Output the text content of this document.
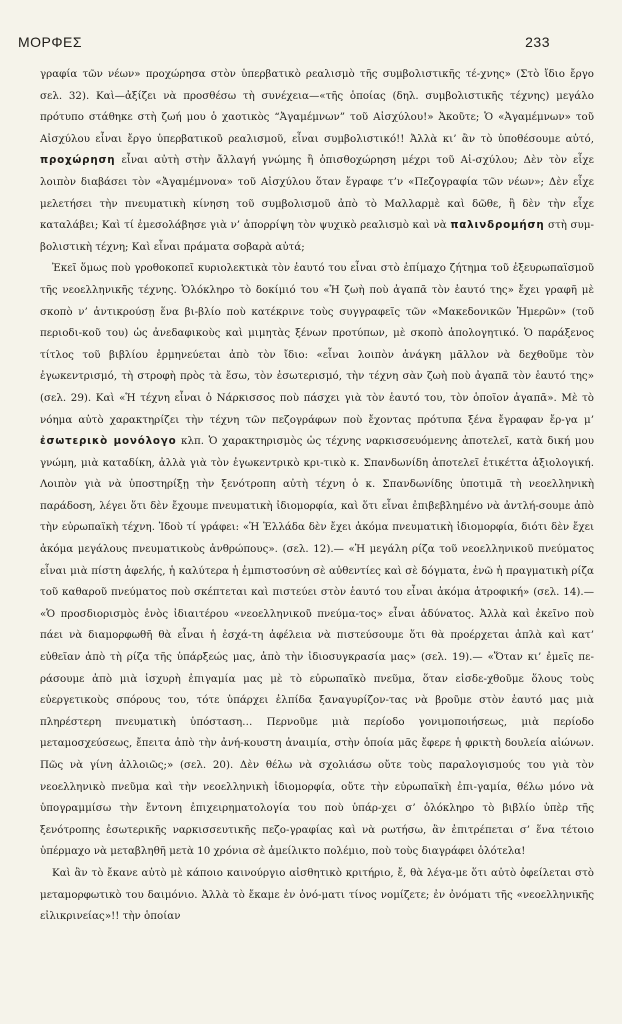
ΜΟΡΦΕΣ	233

γραφία τῶν νέων» προχώρησα στὸν ὑπερβατικὸ ρεαλισμὸ τῆς συμβολιστικῆς τέ-χνης» (Στὸ ἴδιο ἔργο σελ. 32). Καὶ—ἀξίζει νὰ προσθέσω τὴ συνέχεια—«τῆς ὁποίας (δηλ. συμβολιστικῆς τέχνης) μεγάλο πρότυπο στάθηκε στὴ ζωή μου ὁ χαοτικὸς “Ἀγαμέμνων” τοῦ Αἰσχύλου!» Ἀκοῦτε; Ὁ «Ἀγαμέμνων» τοῦ Αἰσχύλου εἶναι ἔργο ὑπερβατικοῦ ρεαλισμοῦ, εἶναι συμβολιστικό!! Ἀλλὰ κι’ ἂν τὸ ὑποθέσουμε αὐτό, προχώρηση εἶναι αὐτὴ στὴν ἄλλαγή γνώμης ἢ ὀπισθοχώρηση μέχρι τοῦ Αἰ-σχύλου; Δὲν τὸν εἶχε λοιπὸν διαβάσει τὸν «Ἀγαμέμνονα» τοῦ Αἰσχύλου ὅταν ἔγραφε τ’ν «Πεζογραφία τῶν νέων»; Δὲν εἶχε μελετήσει τὴν πνευματικὴ κίνηση τοῦ συμβολισμοῦ ἀπὸ τὸ Μαλλαρμὲ καὶ δῶθε, ἢ δὲν τὴν εἶχε καταλάβει; Καὶ τί ἐμεσολάβησε γιὰ ν’ ἀπορρίψη τὸν ψυχικὸ ρεαλισμὸ καὶ νὰ παλινδρομήση στὴ συμ-βολιστικὴ τέχνη; Καὶ εἶναι πράματα σοβαρὰ αὐτά;

Ἐκεῖ ὅμως ποὺ γροθοκοπεῖ κυριολεκτικὰ τὸν ἑαυτό του εἶναι στὸ ἐπίμαχο ζήτημα τοῦ ἐξευρωπαϊσμοῦ τῆς νεοελληνικῆς τέχνης. Ὁλόκληρο τὸ δοκίμιό του «Ἡ ζωὴ ποὺ ἀγαπᾶ τὸν ἑαυτό της» ἔχει γραφῆ μὲ σκοπὸ ν’ ἀντικρούσῃ ἕνα βι-βλίο ποὺ κατέκρινε τοὺς συγγραφεῖς τῶν «Μακεδονικῶν Ἡμερῶν» (τοῦ περιοδι-κοῦ του) ὡς ἀνεδαφικοὺς καὶ μιμητὰς ξένων προτύπων, μὲ σκοπὸ ἀπολογητικό. Ὁ παράξενος τίτλος τοῦ βιβλίου ἑρμηνεύεται ἀπὸ τὸν ἴδιο: «εἶναι λοιπὸν ἀνάγκη μᾶλλον νὰ δεχθοῦμε τὸν ἐγωκεντρισμό, τὴ στροφὴ πρὸς τὰ ἔσω, τὸν ἐσωτερισμό, τὴν τέχνη σὰν ζωὴ ποὺ ἀγαπᾶ τὸν ἑαυτό της» (σελ. 29). Καὶ «Ἡ τέχνη εἶναι ὁ Νάρκισσος ποὺ πάσχει γιὰ τὸν ἑαυτό του, τὸν ὁποῖον ἀγαπᾶ». Μὲ τὸ νόημα αὐτὸ χαρακτηρίζει τὴν τέχνη τῶν πεζογράφων ποὺ ἔχοντας πρότυπα ξένα ἔγραφαν ἔρ-γα μ’ ἐσωτερικὸ μονόλογο κλπ. Ὁ χαρακτηρισμὸς ὡς τέχνης ναρκισσευόμενης ἀποτελεῖ, κατὰ δική μου γνώμη, μιὰ καταδίκη, ἀλλὰ γιὰ τὸν ἐγωκεντρικὸ κρι-τικὸ κ. Σπανδωνίδη ἀποτελεῖ ἐτικέττα ἀξιολογική. Λοιπὸν γιὰ νὰ ὑποστηρίξῃ τὴν ξενότροπη αὐτὴ τέχνη ὁ κ. Σπανδωνίδης ὑποτιμᾶ τὴ νεοελληνικὴ παράδοση, λέγει ὅτι δὲν ἔχουμε πνευματικὴ ἰδιομορφία, καὶ ὅτι εἶναι ἐπιβεβλημένο νὰ ἀντλή-σουμε ἀπὸ τὴν εὐρωπαϊκὴ τέχνη. Ἰδοὺ τί γράφει: «Ἡ Ἑλλάδα δὲν ἔχει ἀκόμα πνευματικὴ ἰδιομορφία, διότι δὲν ἔχει ἀκόμα μεγάλους πνευματικοὺς ἀνθρώπους». (σελ. 12).— «Ἡ μεγάλη ρίζα τοῦ νεοελληνικοῦ πνεύματος εἶναι μιὰ πίστη ἀφελής, ἡ καλύτερα ἡ ἐμπιστοσύνη σὲ αὐθεντίες καὶ σὲ δόγματα, ἐνῶ ἡ πραγματικὴ ρίζα τοῦ καθαροῦ πνεύματος ποὺ σκέπτεται καὶ πιστεύει στὸν ἑαυτό του εἶναι ἀκόμα ἀτροφική» (σελ. 14).— «Ὁ προσδιορισμὸς ἑνὸς ἰδιαιτέρου «νεοελληνικοῦ πνεύμα-τος» εἶναι ἀδύνατος. Ἀλλὰ καὶ ἐκεῖνο ποὺ πάει νὰ διαμορφωθῆ θὰ εἶναι ἡ ἐσχά-τη ἀφέλεια νὰ πιστεύσουμε ὅτι θὰ προέρχεται ἁπλὰ καὶ κατ’ εὐθεῖαν ἀπὸ τὴ ρίζα τῆς ὑπάρξεώς μας, ἀπὸ τὴν ἰδιοσυγκρασία μας» (σελ. 19).— «Ὅταν κι’ ἐμεῖς πε-ράσουμε ἀπὸ μιὰ ἰσχυρὴ ἐπιγαμία μας μὲ τὸ εὐρωπαϊκὸ πνεῦμα, ὅταν εἰσδε-χθοῦμε ὅλους τοὺς εὐεργετικοὺς σπόρους του, τότε ὑπάρχει ἐλπίδα ξαναγυρίζον-τας νὰ βροῦμε στὸν ἑαυτό μας μιὰ πληρέστερη πνευματικὴ ὑπόσταση… Περνοῦμε μιὰ περίοδο γονιμοποιήσεως, μιὰ περίοδο μεταμοσχεύσεως, ἔπειτα ἀπὸ τὴν ἀνή-κουστη ἀναιμία, στὴν ὁποία μᾶς ἔφερε ἡ φρικτὴ δουλεία αἰώνων. Πῶς νὰ γίνη ἀλλοιῶς;» (σελ. 20). Δὲν θέλω νὰ σχολιάσω οὔτε τοὺς παραλογισμούς του γιὰ τὸν νεοελληνικὸ πνεῦμα καὶ τὴν νεοελληνικὴ ἰδιομορφία, οὔτε τὴν εὐρωπαϊκὴ ἐπι-γαμία, θέλω μόνο νὰ ὑπογραμμίσω τὴν ἔντονη ἐπιχειρηματολογία του ποὺ ὑπάρ-χει σ’ ὁλόκληρο τὸ βιβλίο ὑπὲρ τῆς ξενότροπης ἐσωτερικῆς ναρκισσευτικῆς πεζο-γραφίας καὶ νὰ ρωτήσω, ἂν ἐπιτρέπεται σ’ ἕνα τέτοιο ὑπέρμαχο νὰ μεταβληθῆ μετὰ 10 χρόνια σὲ ἀμείλικτο πολέμιο, ποὺ τοὺς διαγράφει ὁλότελα!

Καὶ ἂν τὸ ἔκανε αὐτὸ μὲ κάποιο καινούργιο αἰσθητικὸ κριτήριο, ἔ, θὰ λέγα-με ὅτι αὐτὸ ὀφείλεται στὸ μεταμορφωτικὸ του δαιμόνιο. Ἀλλὰ τὸ ἔκαμε ἐν ὀνό-ματι τίνος νομίζετε; ἐν ὀνόματι τῆς «νεοελληνικῆς εἰλικρινείας»!! τὴν ὁποίαν
